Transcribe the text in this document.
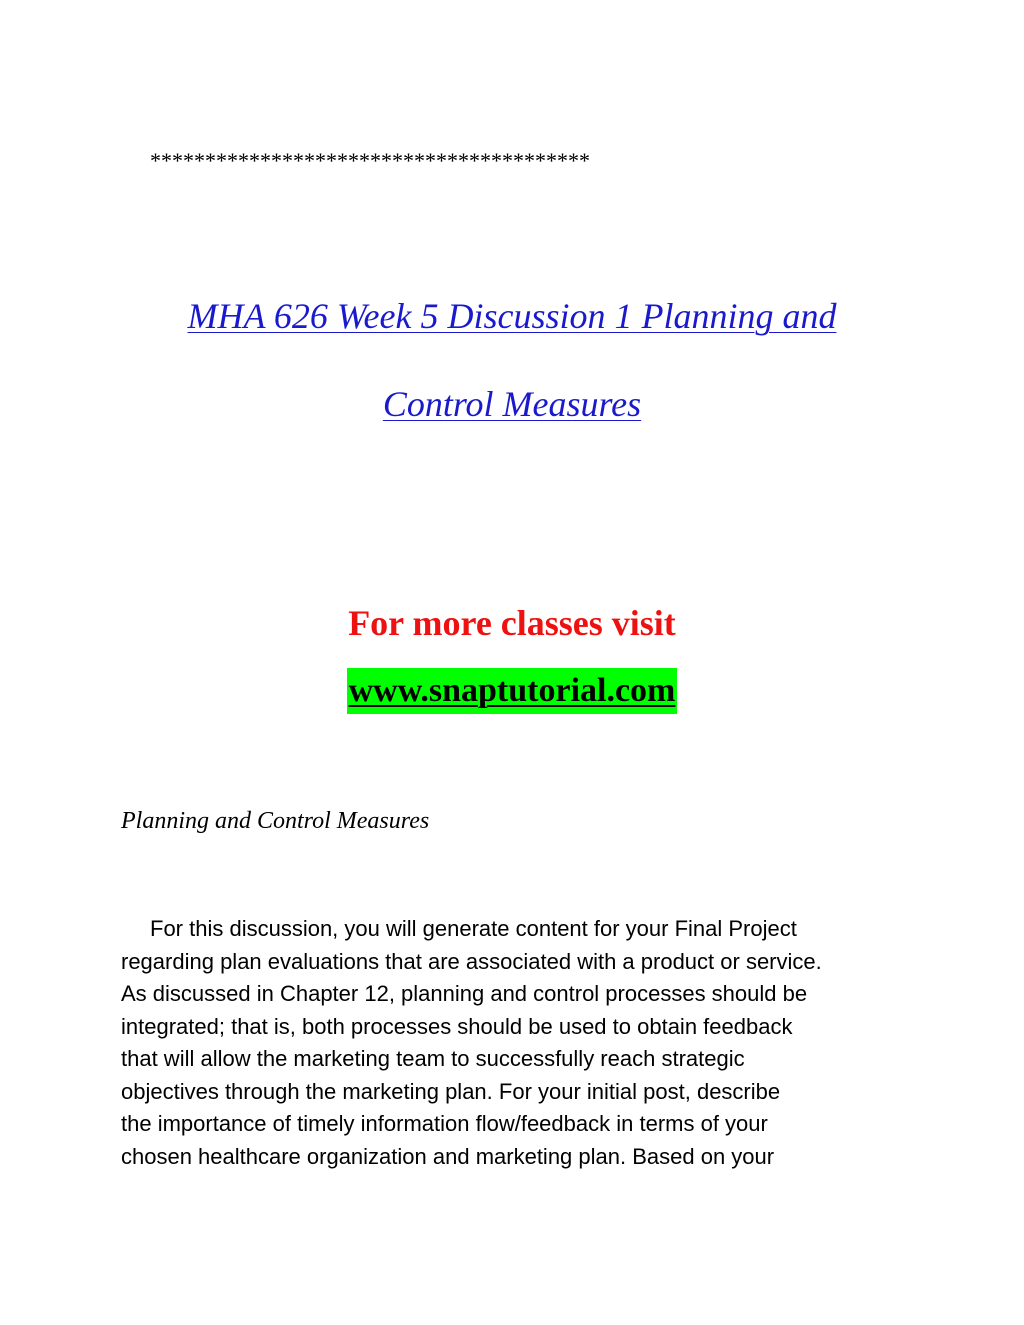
****************************************
MHA 626 Week 5 Discussion 1 Planning and
Control Measures
For more classes visit
www.snaptutorial.com
Planning and Control Measures
For this discussion, you will generate content for your Final Project
regarding plan evaluations that are associated with a product or service.
As discussed in Chapter 12, planning and control processes should be
integrated; that is, both processes should be used to obtain feedback
that will allow the marketing team to successfully reach strategic
objectives through the marketing plan. For your initial post, describe
the importance of timely information flow/feedback in terms of your
chosen healthcare organization and marketing plan. Based on your
